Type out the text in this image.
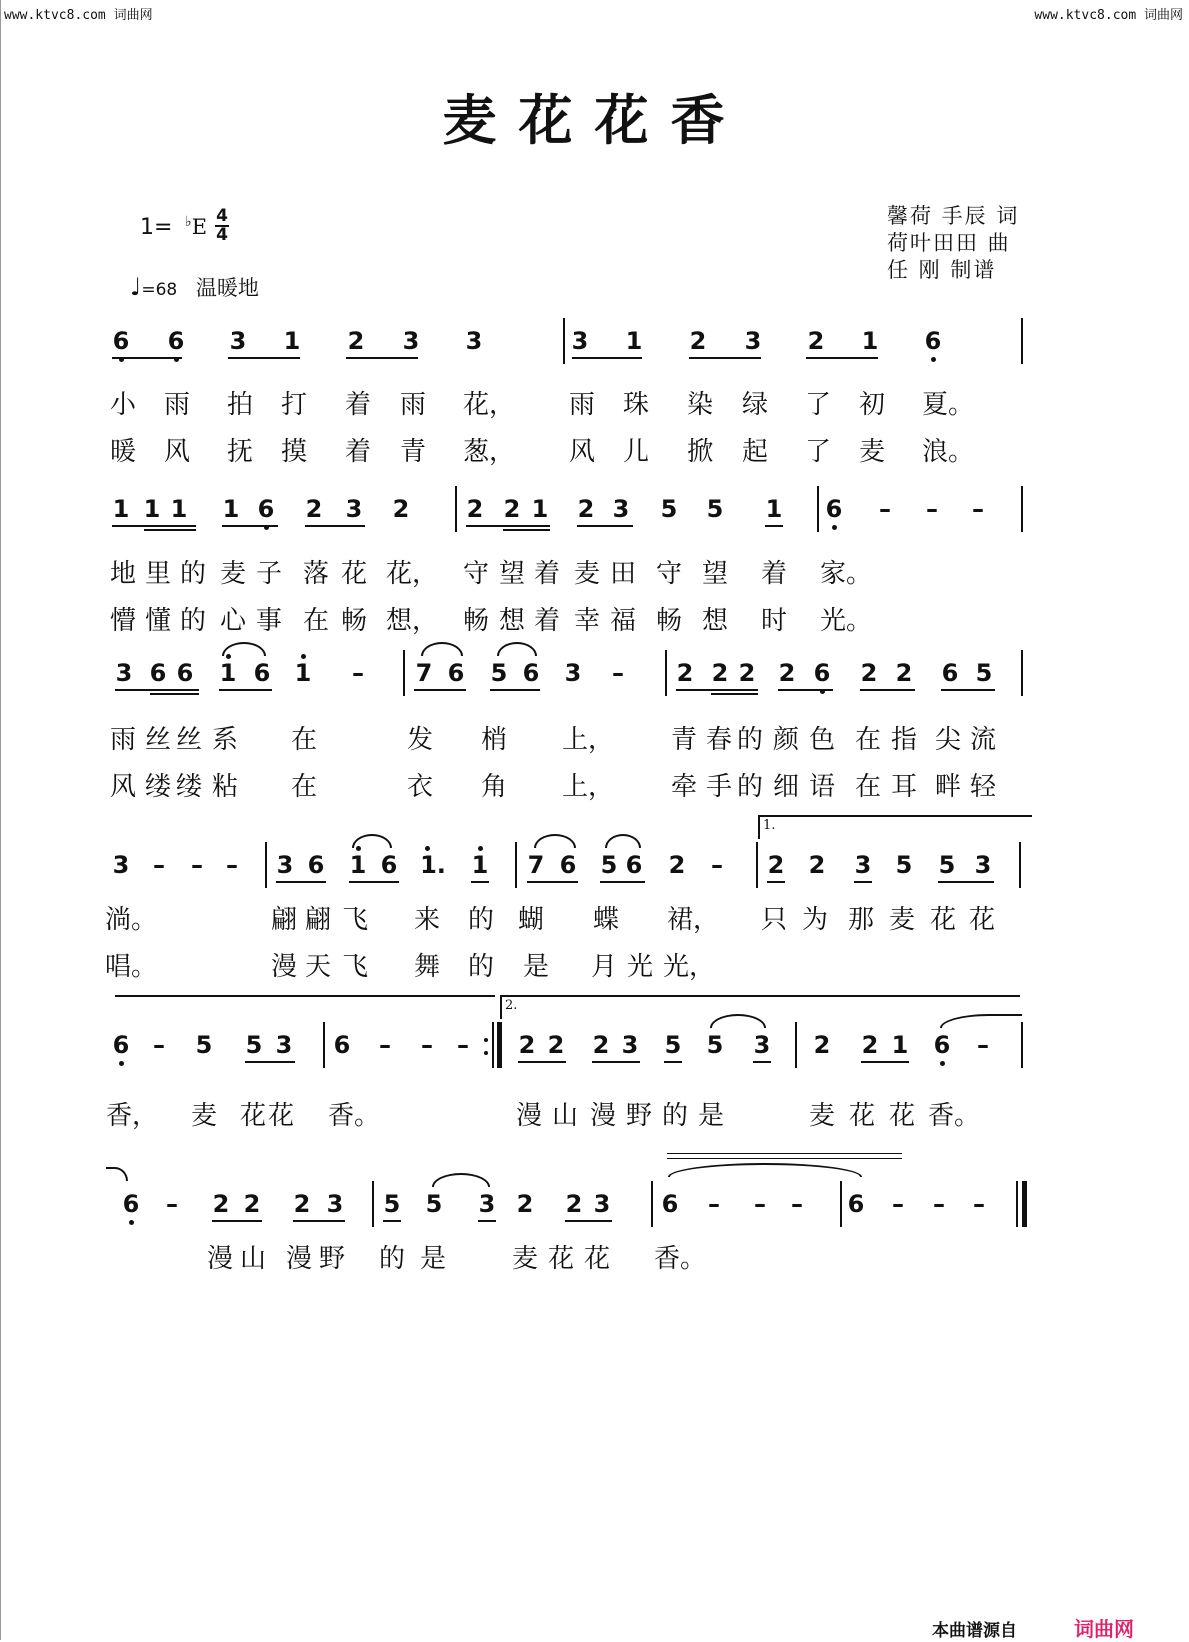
www.ktvc8.com 词曲网	www.ktvc8.com 词曲网
麦花花香
1= ♭E 4
4
♩=68 温暖地
馨荷 手辰 词
荷叶田田 曲
任 刚 制谱
6	6	3	1	2	3	3	3	1	2	3	2	1	6
小 雨 拍 打 着 雨 花， 雨 珠 染 绿 了 初 夏。
暖 风 抚 摸 着 青 葱， 风 儿 掀 起 了 麦 浪。
1 1 1	1 6	2 3	2	2 2 1	2 3	5	5	1	6	–	–	–
地 里 的 麦 子 落 花 花， 守 望 着 麦 田 守 望 着 家。
懵 懂 的 心 事 在 畅 想， 畅 想 着 幸 福 畅 想 时 光。
3 6 6	1 6	1	–	7 6	5 6	3	–	2 2 2 2 6	2 2	6 5
雨 丝 丝 系 在	发 梢 上， 青 春 的 颜 色 在 指 尖 流
风 缕 缕 粘 在	衣 角 上， 牵 手 的 细 语 在 耳 畔 轻
1.
3 –	– –	3 6	1 6 1.	1	7 6	5 6	2	–	2	2	3	5	5 3
淌。	翩 翩 飞 来 的 蝴 蝶 裙， 只 为 那 麦 花 花
唱。	漫 天 飞 舞 的 是 月 光 光，
2.
6 –	5	5 3	6	–	–	–	2 2	2 3	5	5	3	2	2 1	6	–
香， 麦 花 花 香。	漫 山 漫 野 的 是	麦 花 花 香。
6	–	2 2	2 3	5	5	3 2	2 3	6	–	–	–	6	–	–	–
漫 山 漫 野 的 是	麦 花 花 香。
本曲谱源自	词曲网
